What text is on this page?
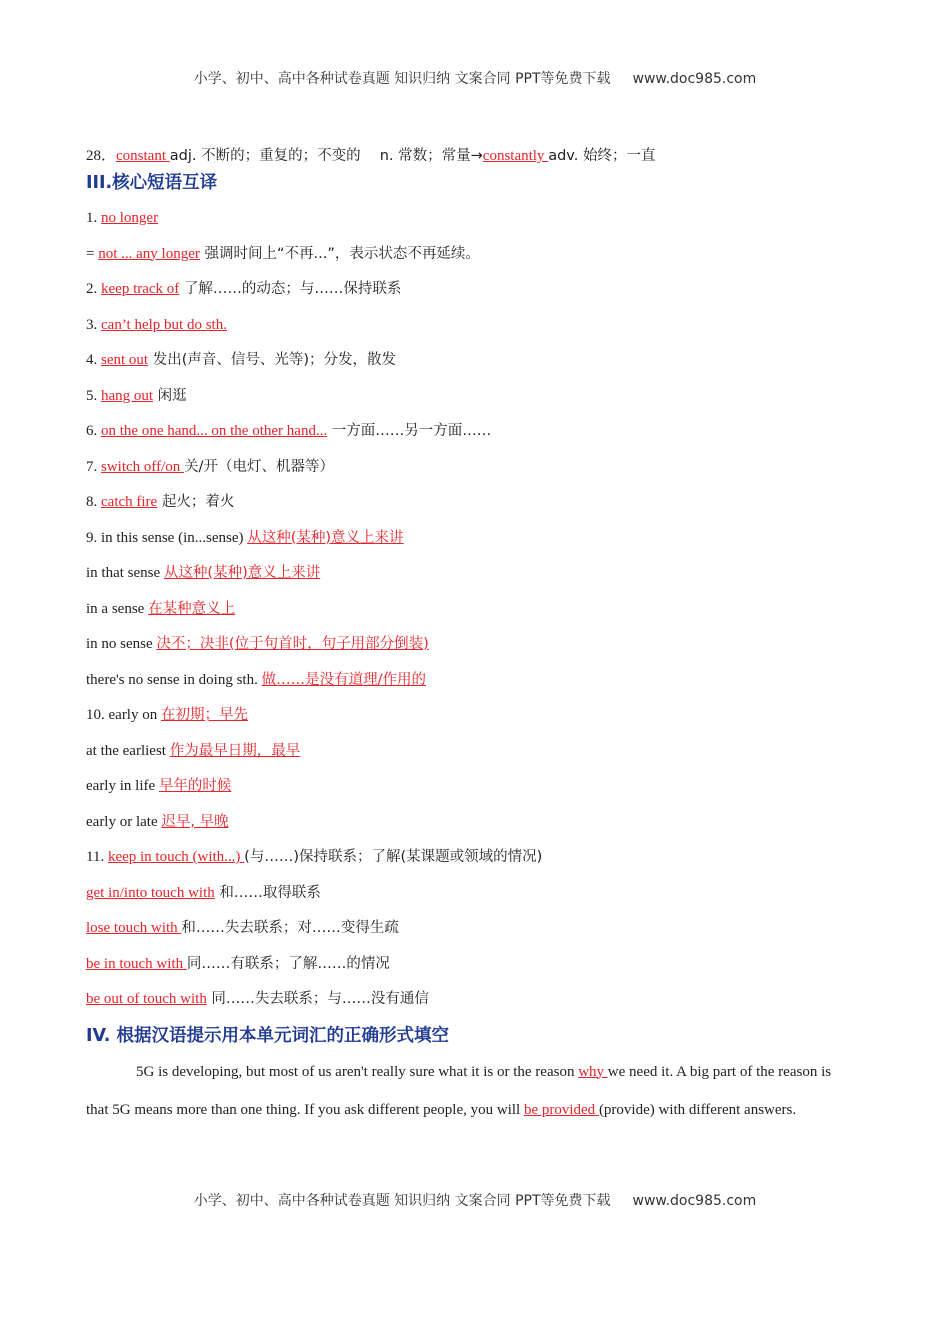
小学、初中、高中各种试卷真题 知识归纳 文案合同 PPT等免费下载 www.doc985.com
28．constant adj. 不断的；重复的；不变的　 n. 常数；常量→constantly adv. 始终；一直
III.核心短语互译
1. no longer
= not ... any longer 强调时间上“不再...”，表示状态不再延续。
2. keep track of 了解……的动态；与……保持联系
3. can’t help but do sth.
4. sent out 发出(声音、信号、光等)；分发，散发
5. hang out 闲逛
6. on the one hand... on the other hand... 一方面……另一方面……
7. switch off/on 关/开（电灯、机器等）
8. catch fire 起火；着火
9. in this sense (in...sense) 从这种(某种)意义上来讲
in that sense 从这种(某种)意义上来讲
in a sense 在某种意义上
in no sense 决不；决非(位于句首时，句子用部分倒装)
there's no sense in doing sth. 做……是没有道理/作用的
10. early on 在初期；早先
at the earliest 作为最早日期，最早
early in life 早年的时候
early or late 迟早, 早晚
11. keep in touch (with...) (与……)保持联系；了解(某课题或领域的情况)
get in/into touch with 和……取得联系
lose touch with 和……失去联系；对……变得生疏
be in touch with 同……有联系；了解……的情况
be out of touch with 同……失去联系；与……没有通信
IV. 根据汉语提示用本单元词汇的正确形式填空
5G is developing, but most of us aren't really sure what it is or the reason why we need it. A big part of the reason is that 5G means more than one thing. If you ask different people, you will be provided (provide) with different answers.
小学、初中、高中各种试卷真题 知识归纳 文案合同 PPT等免费下载 www.doc985.com
